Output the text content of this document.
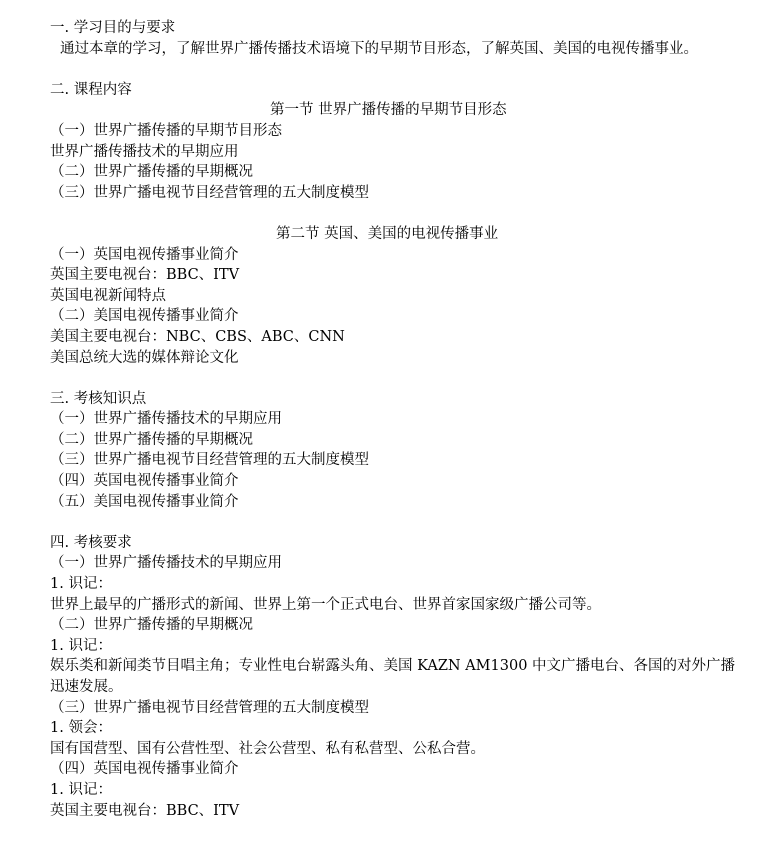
一. 学习目的与要求

通过本章的学习，了解世界广播传播技术语境下的早期节目形态，了解英国、美国的电视传播事业。

二. 课程内容

第一节 世界广播传播的早期节目形态

（一）世界广播传播的早期节目形态

世界广播传播技术的早期应用

（二）世界广播传播的早期概况

（三）世界广播电视节目经营管理的五大制度模型

第二节 英国、美国的电视传播事业

（一）英国电视传播事业简介

英国主要电视台：BBC、ITV

英国电视新闻特点

（二）美国电视传播事业简介

美国主要电视台：NBC、CBS、ABC、CNN

美国总统大选的媒体辩论文化

三. 考核知识点

（一）世界广播传播技术的早期应用

（二）世界广播传播的早期概况

（三）世界广播电视节目经营管理的五大制度模型

（四）英国电视传播事业简介

（五）美国电视传播事业简介

四. 考核要求

（一）世界广播传播技术的早期应用

1. 识记：

世界上最早的广播形式的新闻、世界上第一个正式电台、世界首家国家级广播公司等。

（二）世界广播传播的早期概况

1. 识记：

娱乐类和新闻类节目唱主角；专业性电台崭露头角、美国 KAZN AM1300 中文广播电台、各国的对外广播迅速发展。

（三）世界广播电视节目经营管理的五大制度模型

1. 领会：

国有国营型、国有公营性型、社会公营型、私有私营型、公私合营。

（四）英国电视传播事业简介

1. 识记：

英国主要电视台：BBC、ITV
